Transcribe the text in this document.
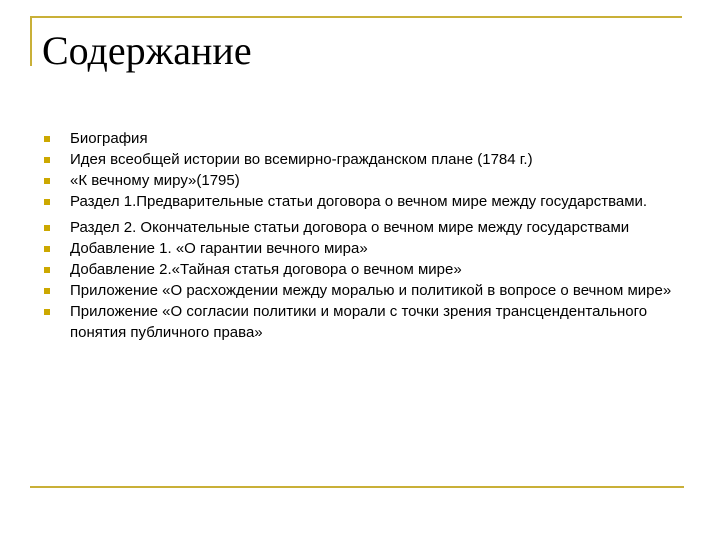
Содержание
Биография
Идея всеобщей истории во всемирно-гражданском плане (1784 г.)
«К вечному миру»(1795)
Раздел 1.Предварительные статьи договора о вечном мире между государствами.
Раздел 2. Окончательные статьи договора о вечном мире между государствами
Добавление 1. «О гарантии вечного мира»
Добавление 2.«Тайная статья договора о вечном мире»
Приложение «О расхождении между моралью и политикой в вопросе о вечном мире»
Приложение «О согласии политики и морали с точки зрения трансцендентального понятия публичного права»
